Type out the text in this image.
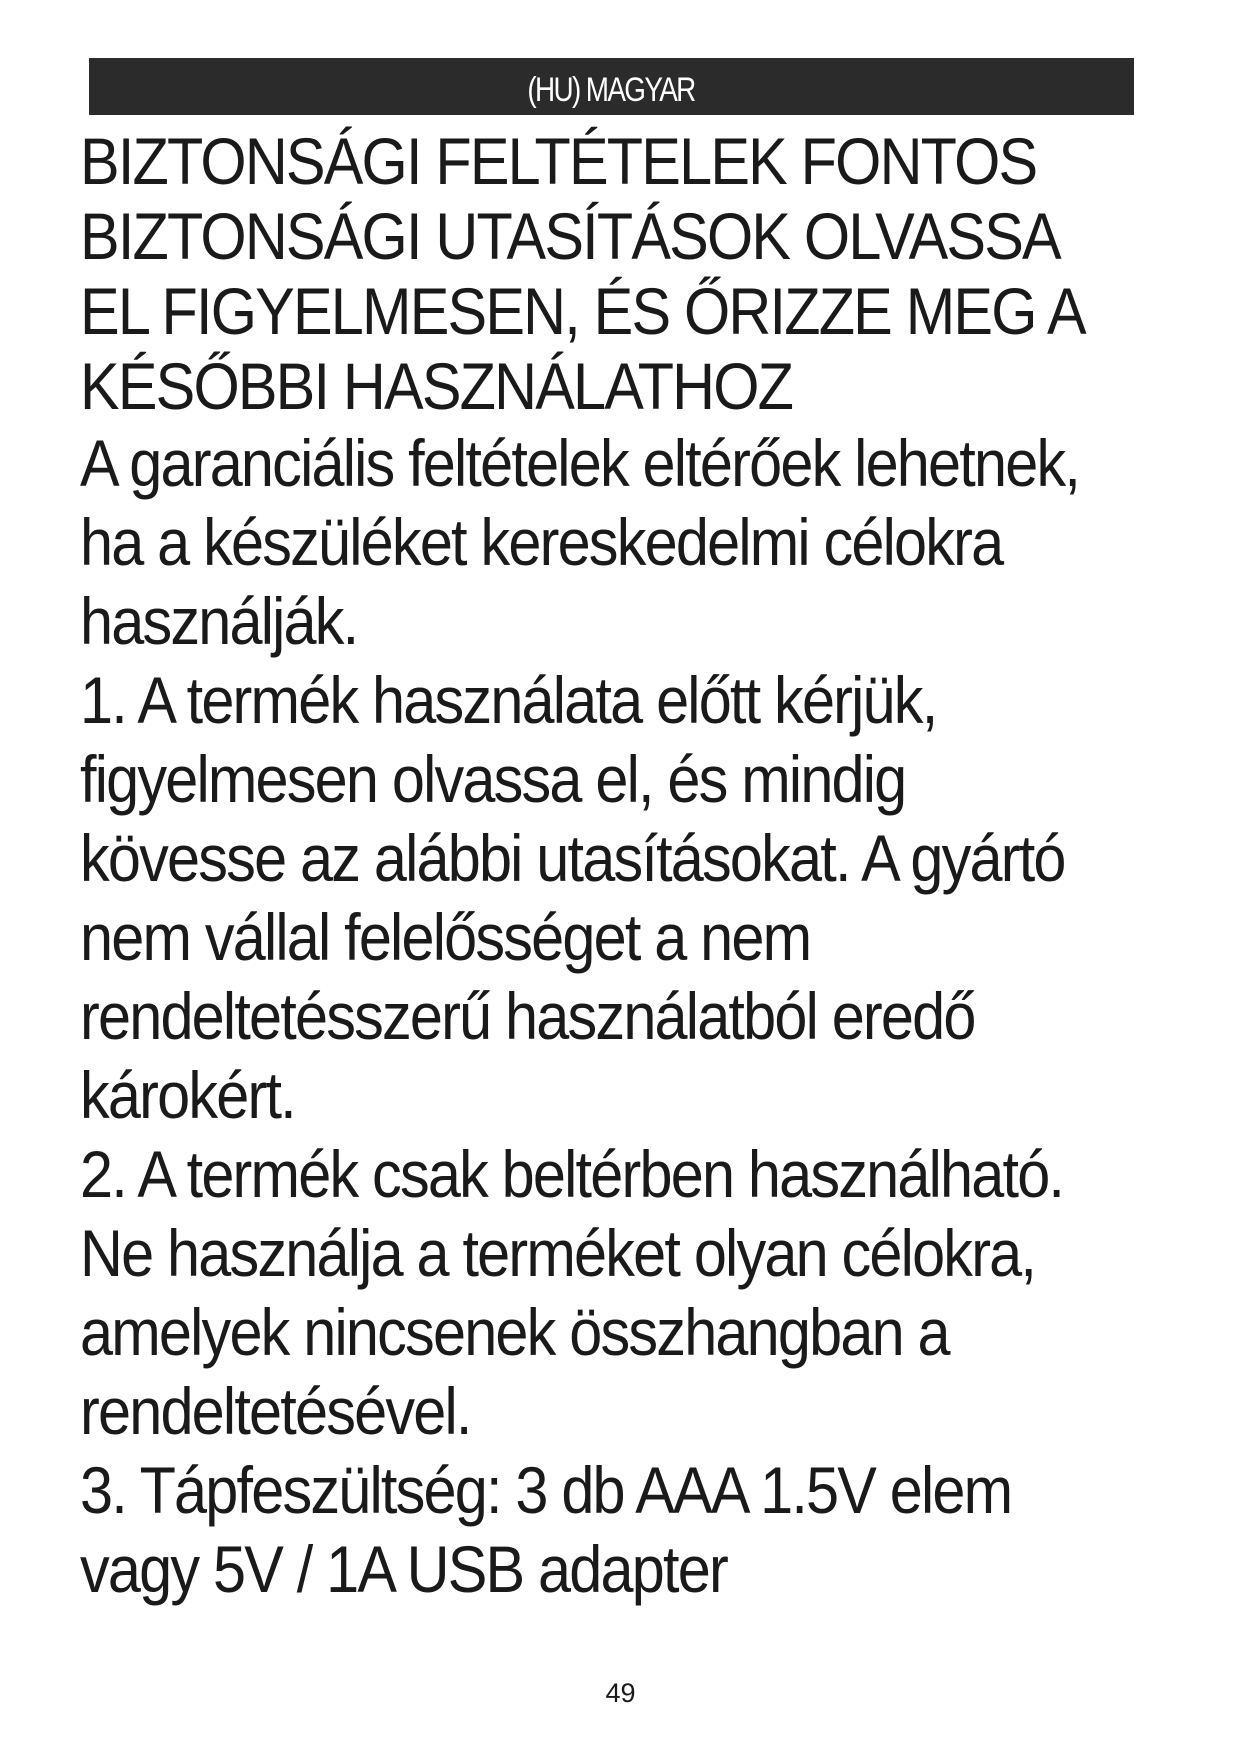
(HU) MAGYAR
BIZTONSÁGI FELTÉTELEK FONTOS
BIZTONSÁGI UTASÍTÁSOK OLVASSA
EL FIGYELMESEN, ÉS ŐRIZZE MEG A
KÉSŐBBI HASZNÁLATHOZ

A garanciális feltételek eltérőek lehetnek,
ha a készüléket kereskedelmi célokra
használják.

1. A termék használata előtt kérjük,
figyelmesen olvassa el, és mindig
kövesse az alábbi utasításokat. A gyártó
nem vállal felelősséget a nem
rendeltetésszerű használatból eredő
károkért.

2. A termék csak beltérben használható.
Ne használja a terméket olyan célokra,
amelyek nincsenek összhangban a
rendeltetésével.

3. Tápfeszültség: 3 db AAA 1.5V elem
vagy 5V / 1A USB adapter

49
